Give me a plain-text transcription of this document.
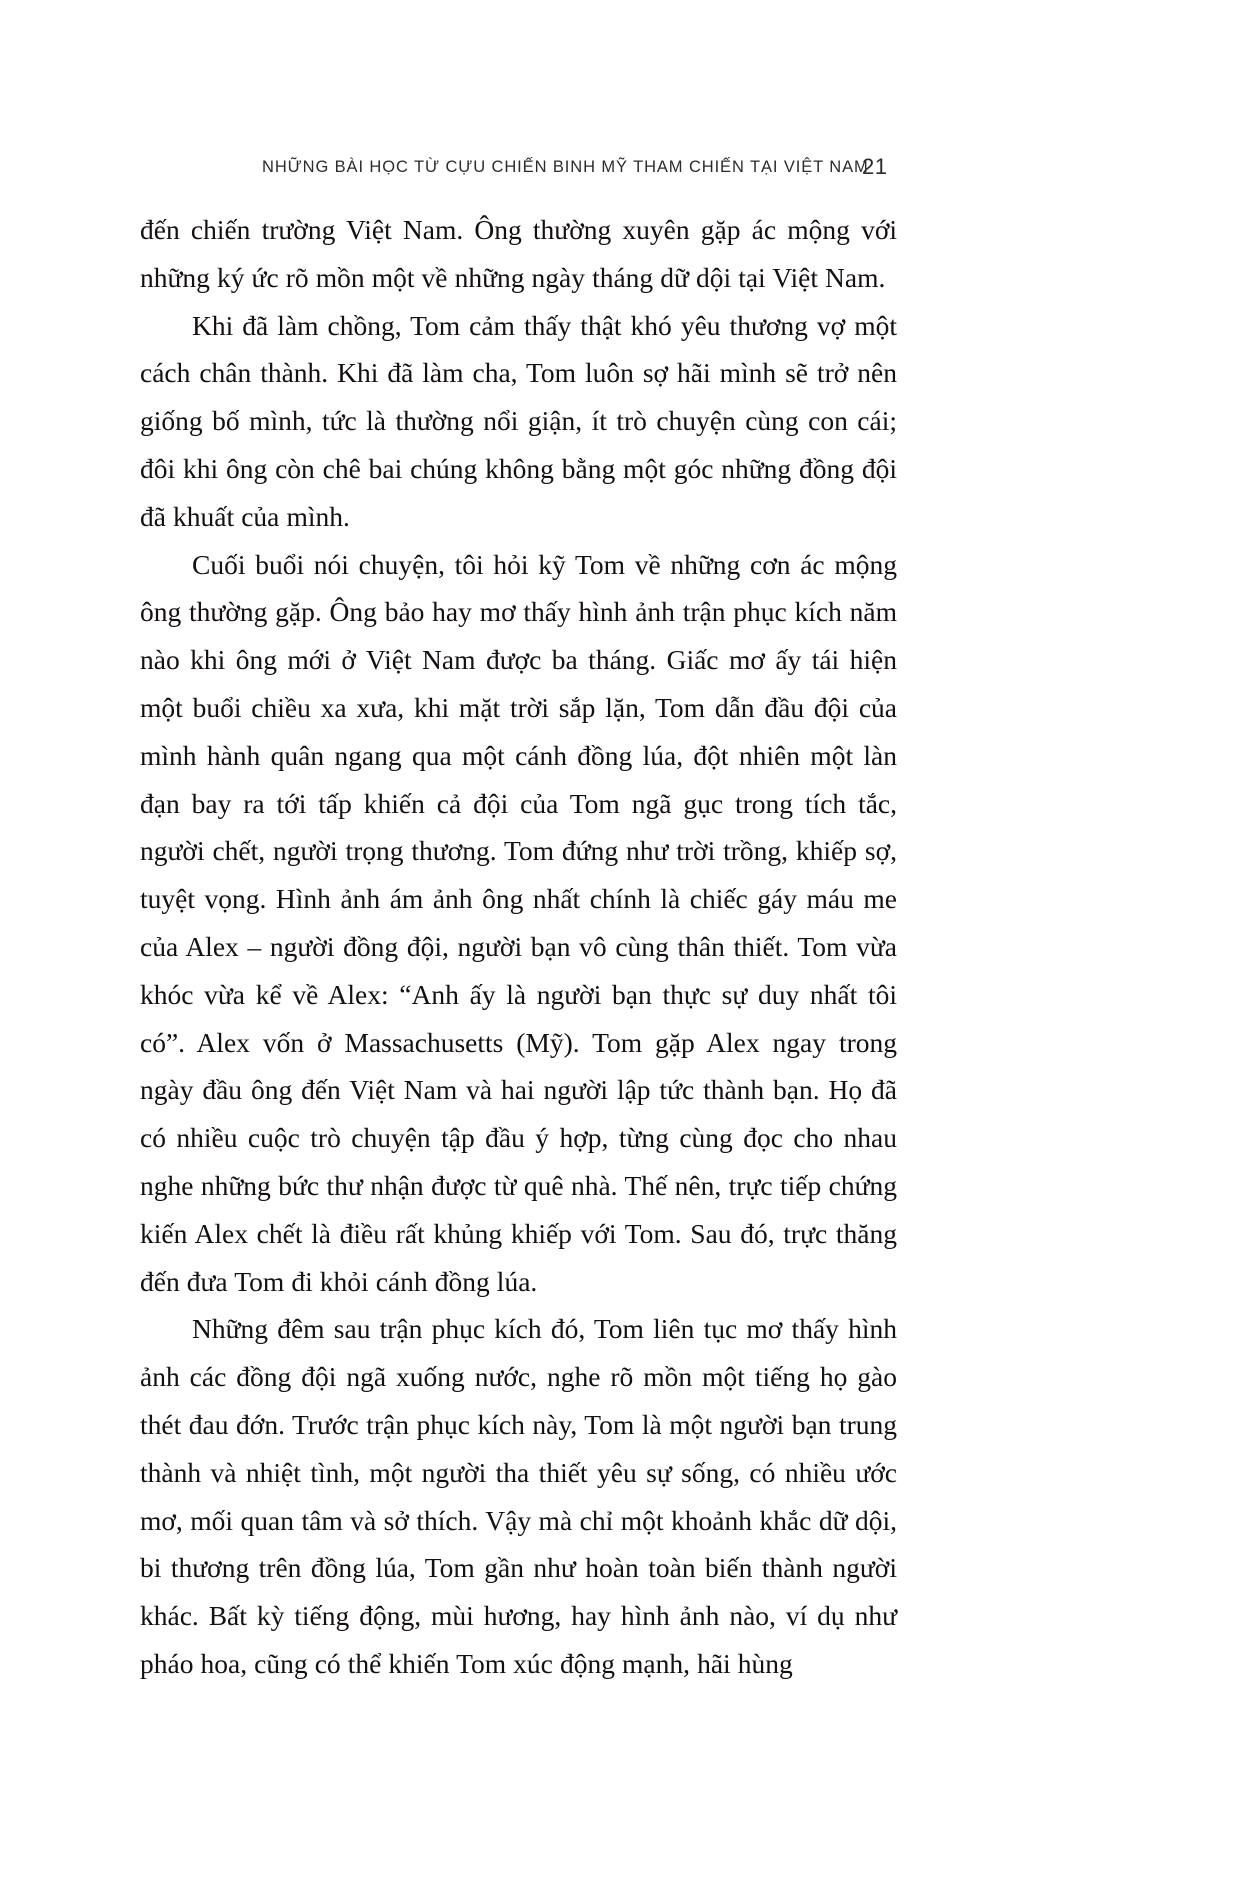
NHỮNG BÀI HỌC TỪ CỰU CHIẾN BINH MỸ THAM CHIẾN TẠI VIỆT NAM
21

đến chiến trường Việt Nam. Ông thường xuyên gặp ác mộng với những ký ức rõ mồn một về những ngày tháng dữ dội tại Việt Nam.

Khi đã làm chồng, Tom cảm thấy thật khó yêu thương vợ một cách chân thành. Khi đã làm cha, Tom luôn sợ hãi mình sẽ trở nên giống bố mình, tức là thường nổi giận, ít trò chuyện cùng con cái; đôi khi ông còn chê bai chúng không bằng một góc những đồng đội đã khuất của mình.

Cuối buổi nói chuyện, tôi hỏi kỹ Tom về những cơn ác mộng ông thường gặp. Ông bảo hay mơ thấy hình ảnh trận phục kích năm nào khi ông mới ở Việt Nam được ba tháng. Giấc mơ ấy tái hiện một buổi chiều xa xưa, khi mặt trời sắp lặn, Tom dẫn đầu đội của mình hành quân ngang qua một cánh đồng lúa, đột nhiên một làn đạn bay ra tới tấp khiến cả đội của Tom ngã gục trong tích tắc, người chết, người trọng thương. Tom đứng như trời trồng, khiếp sợ, tuyệt vọng. Hình ảnh ám ảnh ông nhất chính là chiếc gáy máu me của Alex – người đồng đội, người bạn vô cùng thân thiết. Tom vừa khóc vừa kể về Alex: “Anh ấy là người bạn thực sự duy nhất tôi có”. Alex vốn ở Massachusetts (Mỹ). Tom gặp Alex ngay trong ngày đầu ông đến Việt Nam và hai người lập tức thành bạn. Họ đã có nhiều cuộc trò chuyện tập đầu ý hợp, từng cùng đọc cho nhau nghe những bức thư nhận được từ quê nhà. Thế nên, trực tiếp chứng kiến Alex chết là điều rất khủng khiếp với Tom. Sau đó, trực thăng đến đưa Tom đi khỏi cánh đồng lúa.

Những đêm sau trận phục kích đó, Tom liên tục mơ thấy hình ảnh các đồng đội ngã xuống nước, nghe rõ mồn một tiếng họ gào thét đau đớn. Trước trận phục kích này, Tom là một người bạn trung thành và nhiệt tình, một người tha thiết yêu sự sống, có nhiều ước mơ, mối quan tâm và sở thích. Vậy mà chỉ một khoảnh khắc dữ dội, bi thương trên đồng lúa, Tom gần như hoàn toàn biến thành người khác. Bất kỳ tiếng động, mùi hương, hay hình ảnh nào, ví dụ như pháo hoa, cũng có thể khiến Tom xúc động mạnh, hãi hùng
